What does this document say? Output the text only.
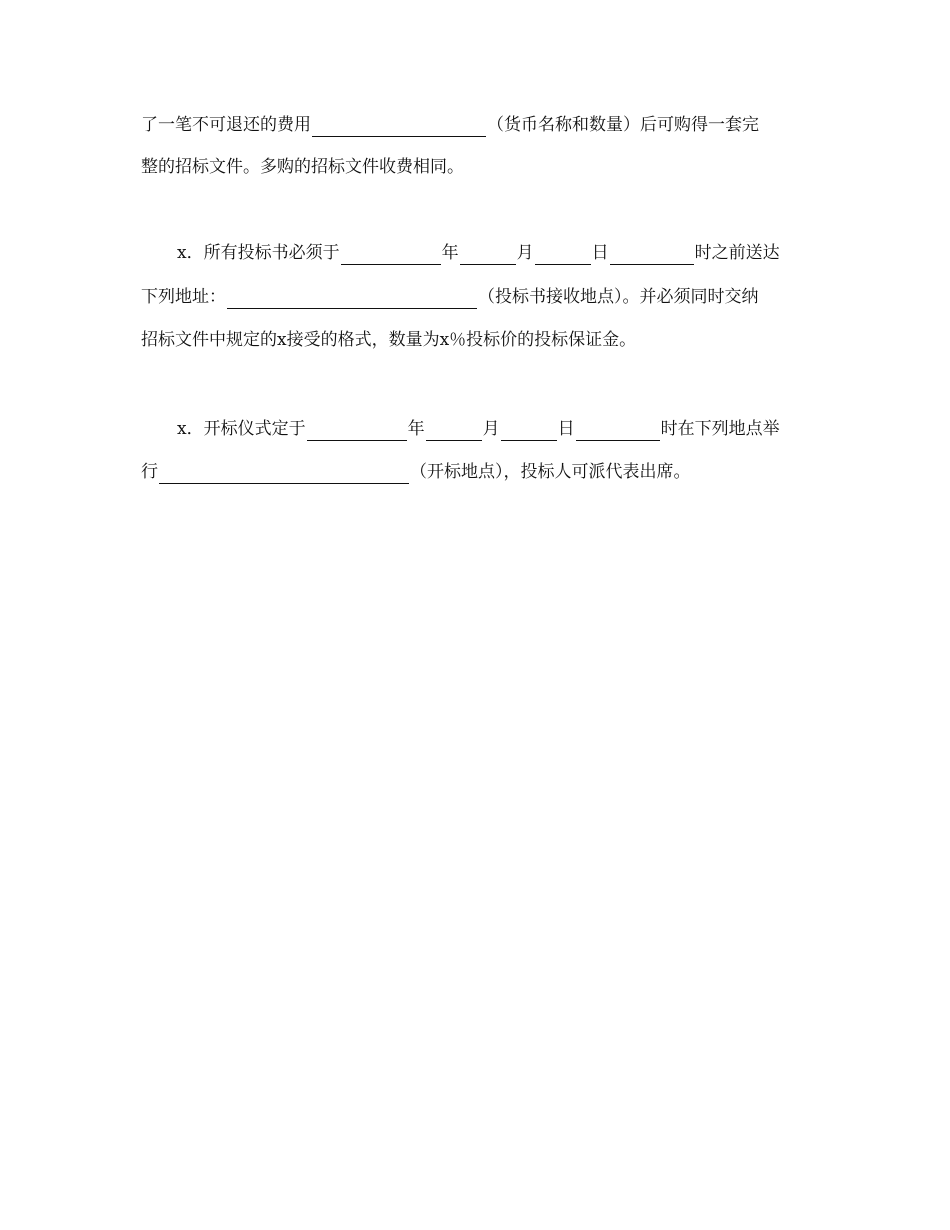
了一笔不可退还的费用	（货币名称和数量）后可购得一套完
整的招标文件。多购的招标文件收费相同。
x．所有投标书必须于	年	月	日	时之前送达
下列地址：	（投标书接收地点）。并必须同时交纳
招标文件中规定的x接受的格式，数量为x％投标价的投标保证金。
x．开标仪式定于	年	月	日	时在下列地点举
行	（开标地点），投标人可派代表出席。
